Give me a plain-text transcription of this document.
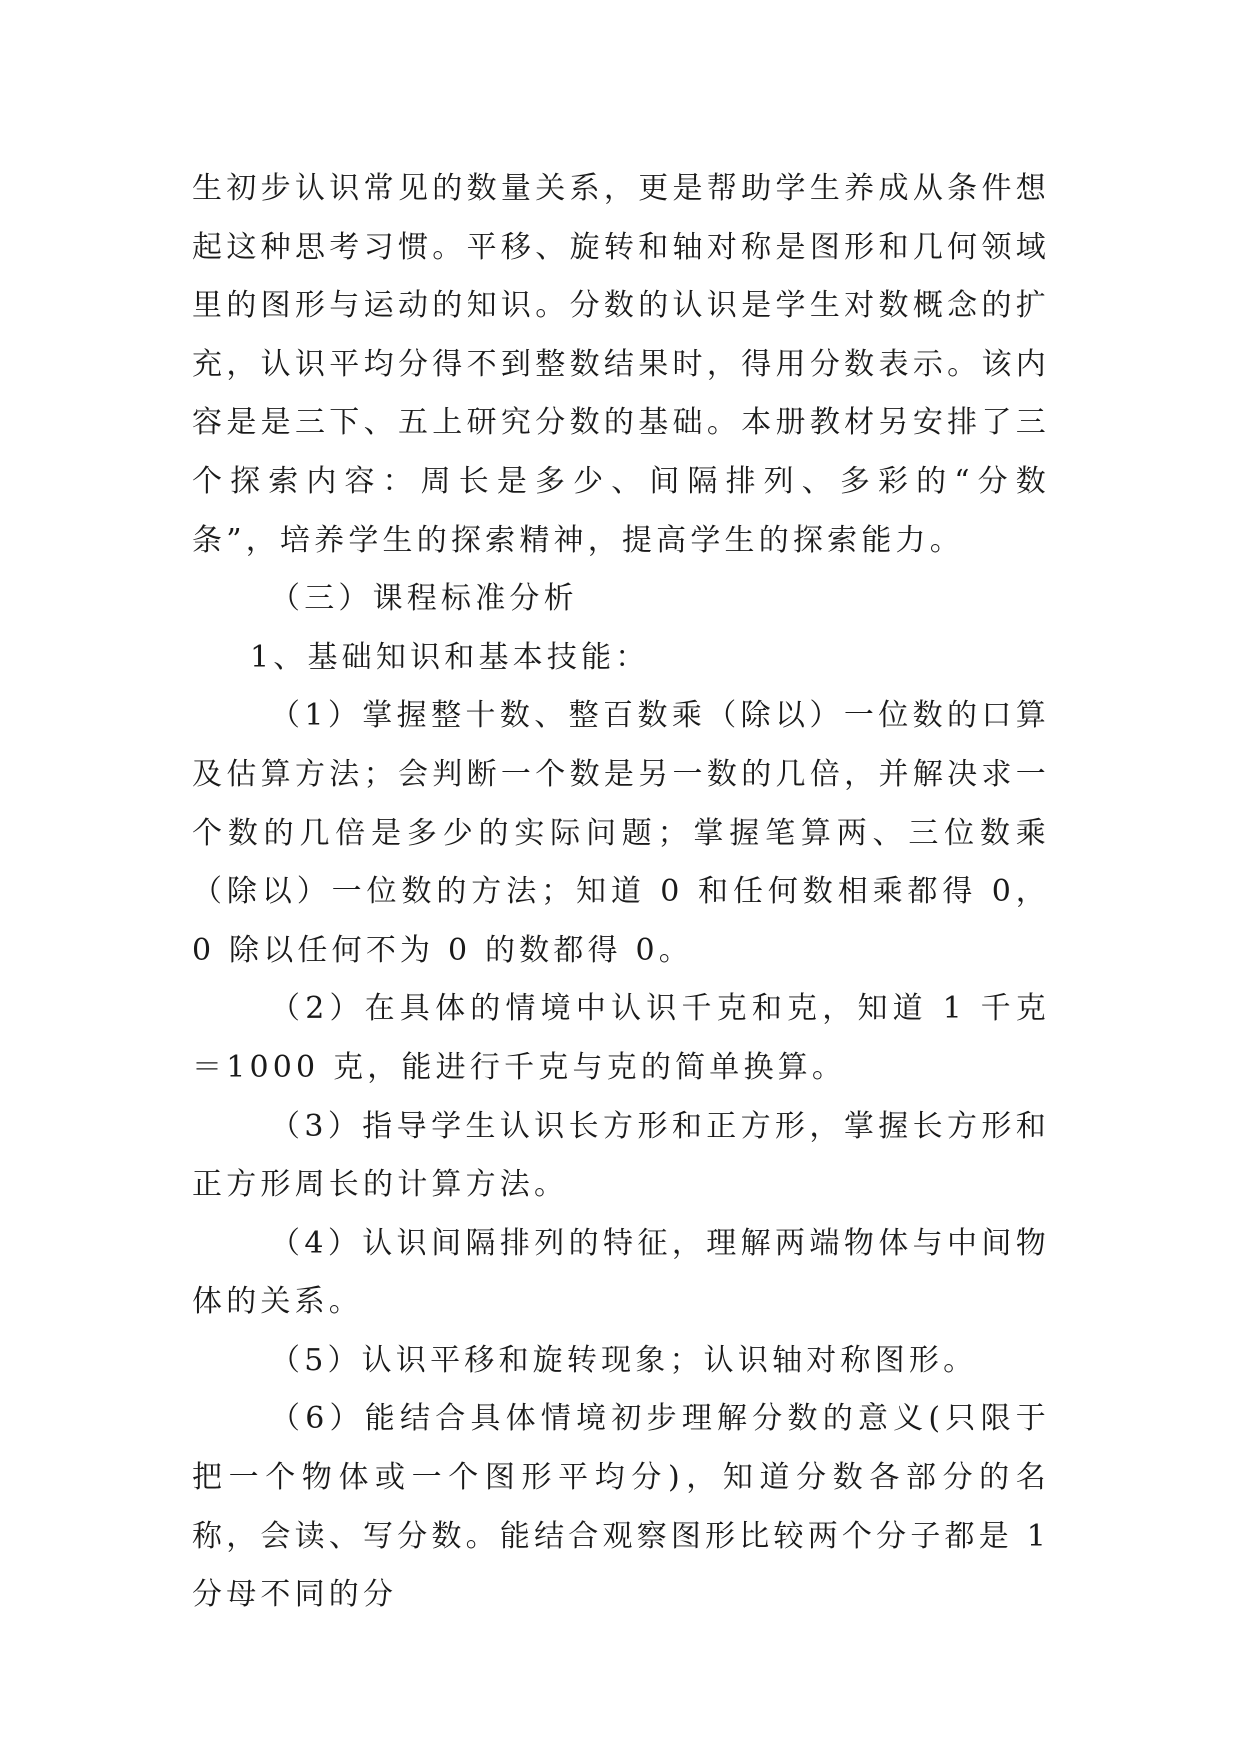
生初步认识常见的数量关系，更是帮助学生养成从条件想起这种思考习惯。平移、旋转和轴对称是图形和几何领域里的图形与运动的知识。分数的认识是学生对数概念的扩充，认识平均分得不到整数结果时，得用分数表示。该内容是是三下、五上研究分数的基础。本册教材另安排了三个探索内容：周长是多少、间隔排列、多彩的“分数条”，培养学生的探索精神，提高学生的探索能力。

（三）课程标准分析

1、基础知识和基本技能：

（1）掌握整十数、整百数乘（除以）一位数的口算及估算方法；会判断一个数是另一数的几倍，并解决求一个数的几倍是多少的实际问题；掌握笔算两、三位数乘（除以）一位数的方法；知道 0 和任何数相乘都得 0，0 除以任何不为 0 的数都得 0。

（2）在具体的情境中认识千克和克，知道 1 千克＝1000 克，能进行千克与克的简单换算。

（3）指导学生认识长方形和正方形，掌握长方形和正方形周长的计算方法。

（4）认识间隔排列的特征，理解两端物体与中间物体的关系。

（5）认识平移和旋转现象；认识轴对称图形。

（6）能结合具体情境初步理解分数的意义(只限于把一个物体或一个图形平均分)，知道分数各部分的名称，会读、写分数。能结合观察图形比较两个分子都是 1 分母不同的分
